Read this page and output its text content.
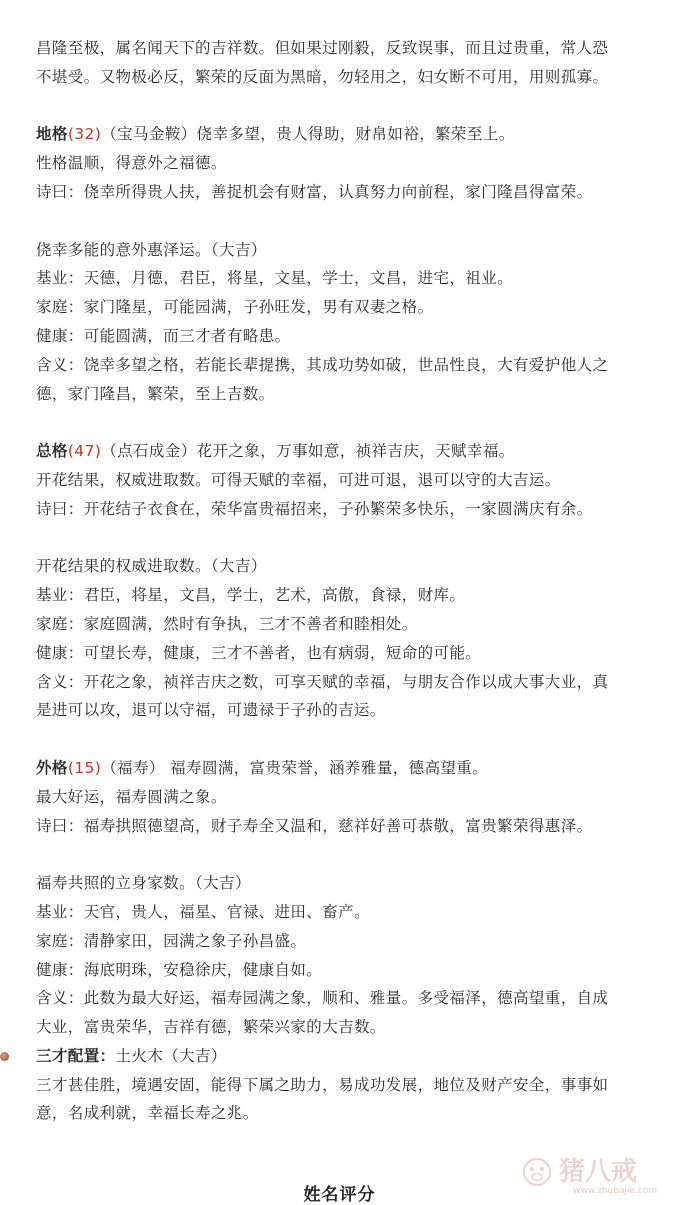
昌隆至极，属名闻天下的吉祥数。但如果过刚毅，反致误事，而且过贵重，常人恐

不堪受。又物极必反，繁荣的反面为黑暗，勿轻用之，妇女断不可用，用则孤寡。

地格(32)（宝马金鞍）侥幸多望，贵人得助，财帛如裕，繁荣至上。

性格温顺，得意外之福德。

诗曰：侥幸所得贵人扶，善捉机会有财富，认真努力向前程，家门隆昌得富荣。

侥幸多能的意外惠泽运。（大吉）

基业：天德，月德，君臣，将星，文星，学士，文昌，进宅，祖业。

家庭：家门隆星，可能园满，子孙旺发，男有双妻之格。

健康：可能圆满，而三才者有略患。

含义：饶幸多望之格，若能长辈提携，其成功势如破，世品性良，大有爱护他人之

德，家门隆昌，繁荣，至上吉数。

总格(47)（点石成金）花开之象，万事如意，祯祥吉庆，天赋幸福。

开花结果，权威进取数。可得天赋的幸福，可进可退，退可以守的大吉运。

诗曰：开花结子衣食在，荣华富贵福招来，子孙繁荣多快乐，一家圆满庆有余。

开花结果的权威进取数。（大吉）

基业：君臣，将星，文昌，学士，艺术，高傲，食禄，财库。

家庭：家庭圆满，然时有争执，三才不善者和睦相处。

健康：可望长寿，健康，三才不善者，也有病弱，短命的可能。

含义：开花之象，祯祥吉庆之数，可享天赋的幸福，与朋友合作以成大事大业，真

是进可以攻，退可以守福，可遗禄于子孙的吉运。

外格(15)（福寿） 福寿圆满，富贵荣誉，涵养雅量，德高望重。

最大好运，福寿圆满之象。

诗曰：福寿拱照德望高，财子寿全又温和，慈祥好善可恭敬，富贵繁荣得惠泽。

福寿共照的立身家数。（大吉）

基业：天官，贵人，福星、官禄、进田、畜产。

家庭：清静家田，园满之象子孙昌盛。

健康：海底明珠，安稳徐庆，健康自如。

含义：此数为最大好运，福寿园满之象，顺和、雅量。多受福泽，德高望重，自成

大业，富贵荣华，吉祥有德，繁荣兴家的大吉数。

三才配置：土火木（大吉）

三才甚佳胜，境遇安固，能得下属之助力，易成功发展，地位及财产安全，事事如

意，名成利就，幸福长寿之兆。

姓名评分
猪八戒
www.zhubajie.com
